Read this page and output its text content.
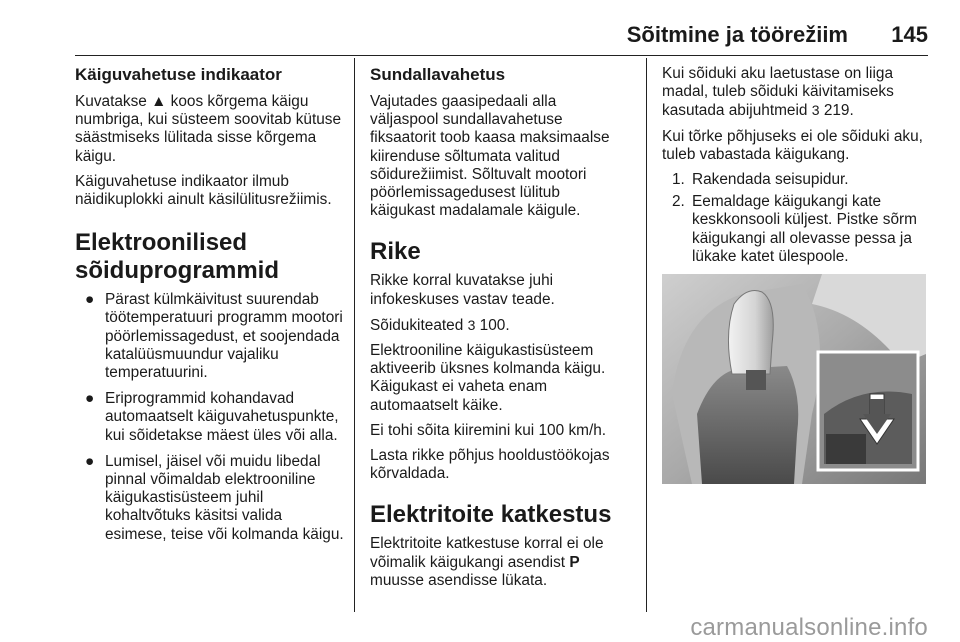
Sõitmine ja töörežiim 145
Käiguvahetuse indikaator

Kuvatakse ▲ koos kõrgema käigu numbriga, kui süsteem soovitab kütuse säästmiseks lülitada sisse kõrgema käigu.

Käiguvahetuse indikaator ilmub näidikuplokki ainult käsilülitusrežiimis.

Elektroonilised sõiduprogrammid
● Pärast külmkäivitust suurendab töötemperatuuri programm mootori pöörlemissagedust, et soojendada katalüüsmuundur vajaliku temperatuurini.
● Eriprogrammid kohandavad automaatselt käiguvahetuspunkte, kui sõidetakse mäest üles või alla.
● Lumisel, jäisel või muidu libedal pinnal võimaldab elektrooniline käigukastisüsteem juhil kohaltvõtuks käsitsi valida esimese, teise või kolmanda käigu.
Sundallavahetus

Vajutades gaasipedaali alla väljaspool sundallavahetuse fiksaatorit toob kaasa maksimaalse kiirenduse sõltumata valitud sõidurežiimist. Sõltuvalt mootori pöörlemissagedusest lülitub käigukast madalamale käigule.

Rike

Rikke korral kuvatakse juhi infokeskuses vastav teade.

Sõidukiteated 3 100.

Elektrooniline käigukastisüsteem aktiveerib üksnes kolmanda käigu. Käigukast ei vaheta enam automaatselt käike.

Ei tohi sõita kiiremini kui 100 km/h.

Lasta rikke põhjus hooldustöökojas kõrvaldada.

Elektritoite katkestus

Elektritoite katkestuse korral ei ole võimalik käigukangi asendist P muusse asendisse lükata.

Kui sõiduki aku laetustase on liiga madal, tuleb sõiduki käivitamiseks kasutada abijuhtmeid 3 219.

Kui tõrke põhjuseks ei ole sõiduki aku, tuleb vabastada käigukang.

1. Rakendada seisupidur.
2. Eemaldage käigukangi kate keskkonsooli küljest. Pistke sõrm käigukangi all olevasse pessa ja lükake katet ülespoole.
carmanualsonline.info
